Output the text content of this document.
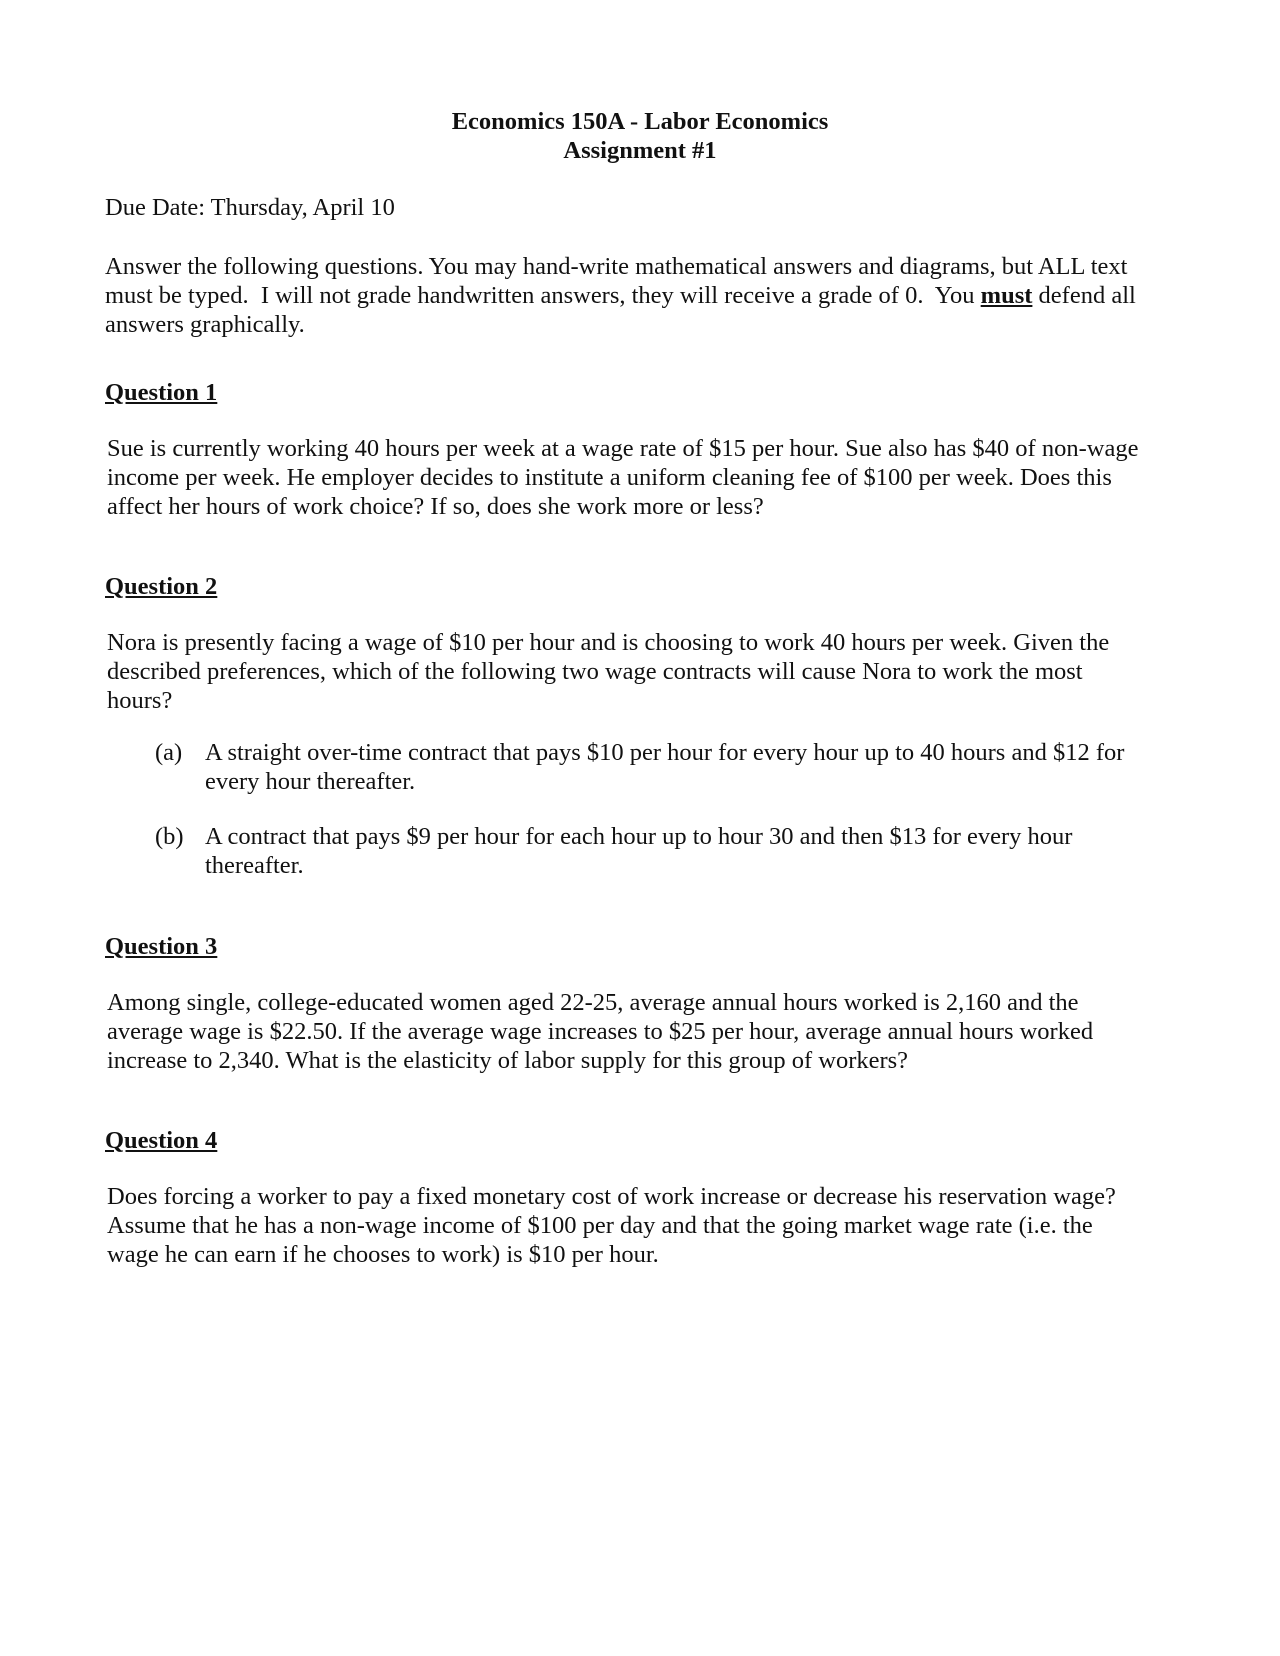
Economics 150A - Labor Economics
Assignment #1
Due Date: Thursday, April 10
Answer the following questions. You may hand-write mathematical answers and diagrams, but ALL text
must be typed.  I will not grade handwritten answers, they will receive a grade of 0.  You must defend all
answers graphically.
Question 1
Sue is currently working 40 hours per week at a wage rate of $15 per hour. Sue also has $40 of non-wage
income per week. He employer decides to institute a uniform cleaning fee of $100 per week. Does this
affect her hours of work choice? If so, does she work more or less?
Question 2
Nora is presently facing a wage of $10 per hour and is choosing to work 40 hours per week. Given the
described preferences, which of the following two wage contracts will cause Nora to work the most
hours?
(a) A straight over-time contract that pays $10 per hour for every hour up to 40 hours and $12 for
every hour thereafter.
(b) A contract that pays $9 per hour for each hour up to hour 30 and then $13 for every hour
thereafter.
Question 3
Among single, college-educated women aged 22-25, average annual hours worked is 2,160 and the
average wage is $22.50. If the average wage increases to $25 per hour, average annual hours worked
increase to 2,340. What is the elasticity of labor supply for this group of workers?
Question 4
Does forcing a worker to pay a fixed monetary cost of work increase or decrease his reservation wage?
Assume that he has a non-wage income of $100 per day and that the going market wage rate (i.e. the
wage he can earn if he chooses to work) is $10 per hour.
